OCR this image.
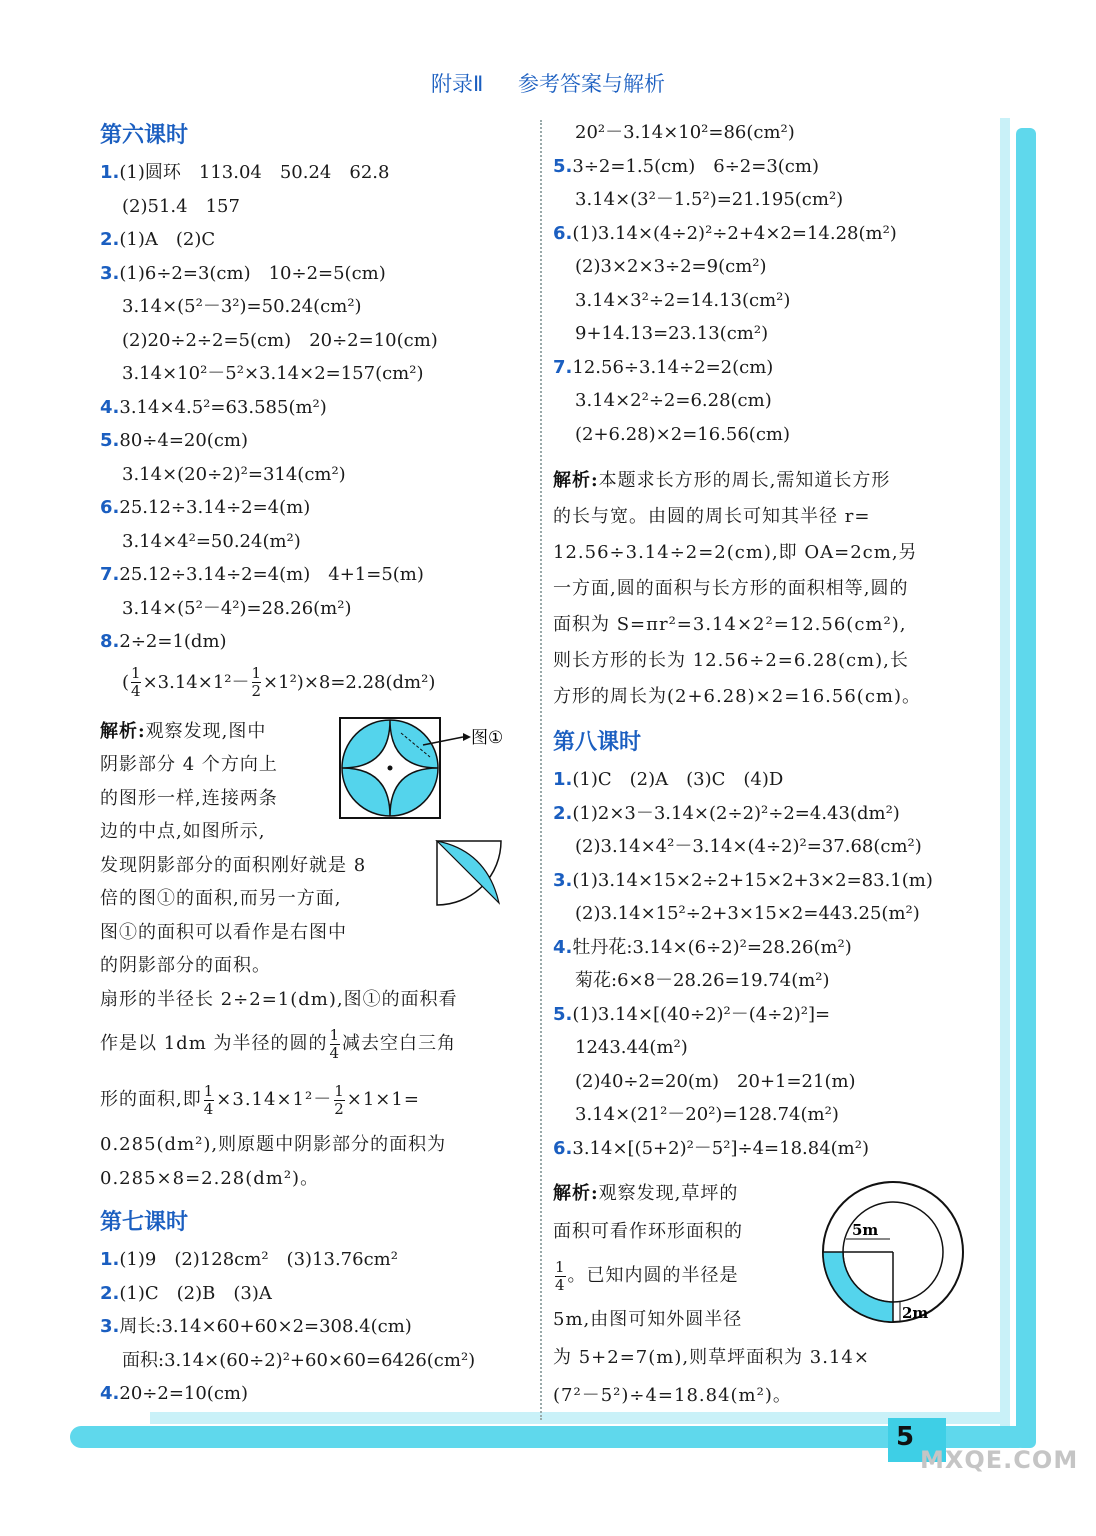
5
MXQE.COM
附录Ⅱ 参考答案与解析
第六课时
1.(1)圆环　113.04　50.24　62.8
(2)51.4　157
2.(1)A　(2)C
3.(1)6÷2=3(cm)　10÷2=5(cm)
3.14×(5²－3²)=50.24(cm²)
(2)20÷2÷2=5(cm)　20÷2=10(cm)
3.14×10²－5²×3.14×2=157(cm²)
4.3.14×4.5²=63.585(m²)
5.80÷4=20(cm)
3.14×(20÷2)²=314(cm²)
6.25.12÷3.14÷2=4(m)
3.14×4²=50.24(m²)
7.25.12÷3.14÷2=4(m)　4+1=5(m)
3.14×(5²－4²)=28.26(m²)
8.2÷2=1(dm)
( $\frac{1}{4} \times 3.14\times 1^2- \frac{1}{2} \times 1^2)\times 8=2.28(dm^2)$
图①
解析:观察发现,图中
阴影部分 4 个方向上
的图形一样,连接两条
边的中点,如图所示,
发现阴影部分的面积刚好就是 8
倍的图①的面积,而另一方面,
图①的面积可以看作是右图中
的阴影部分的面积。
扇形的半径长 2÷2=1(dm),图①的面积看
作是以 1dm 为半径的圆的 $\frac{1}{4}$ 减去空白三角
形的面积,即 $\frac{1}{4} \times 3.14\times 1^2- \frac{1}{2} \times 1\times 1=$
0.285(dm²),则原题中阴影部分的面积为
0.285×8=2.28(dm²)。
第七课时
1.(1)9　(2)128cm²　(3)13.76cm²
2.(1)C　(2)B　(3)A
3.周长:3.14×60+60×2=308.4(cm)
面积:3.14×(60÷2)²+60×60=6426(cm²)
4.20÷2=10(cm)
20²－3.14×10²=86(cm²)
5.3÷2=1.5(cm)　6÷2=3(cm)
3.14×(3²－1.5²)=21.195(cm²)
6.(1)3.14×(4÷2)²÷2+4×2=14.28(m²)
(2)3×2×3÷2=9(cm²)
3.14×3²÷2=14.13(cm²)
9+14.13=23.13(cm²)
7.12.56÷3.14÷2=2(cm)
3.14×2²÷2=6.28(cm)
(2+6.28)×2=16.56(cm)
解析:本题求长方形的周长,需知道长方形
的长与宽。由圆的周长可知其半径 r=
12.56÷3.14÷2=2(cm),即 OA=2cm,另
一方面,圆的面积与长方形的面积相等,圆的
面积为 S=πr²=3.14×2²=12.56(cm²),
则长方形的长为 12.56÷2=6.28(cm),长
方形的周长为(2+6.28)×2=16.56(cm)。
第八课时
1.(1)C　(2)A　(3)C　(4)D
2.(1)2×3－3.14×(2÷2)²÷2=4.43(dm²)
(2)3.14×4²－3.14×(4÷2)²=37.68(cm²)
3.(1)3.14×15×2÷2+15×2+3×2=83.1(m)
(2)3.14×15²÷2+3×15×2=443.25(m²)
4.牡丹花:3.14×(6÷2)²=28.26(m²)
菊花:6×8－28.26=19.74(m²)
5.(1)3.14×[(40÷2)²－(4÷2)²]=
1243.44(m²)
(2)40÷2=20(m)　20+1=21(m)
3.14×(21²－20²)=128.74(m²)
6.3.14×[(5+2)²－5²]÷4=18.84(m²)
5m
2m
解析:观察发现,草坪的
面积可看作环形面积的
$\frac{1}{4}$ 。已知内圆的半径是
5m,由图可知外圆半径
为 5+2=7(m),则草坪面积为 3.14×
(7²－5²)÷4=18.84(m²)。
